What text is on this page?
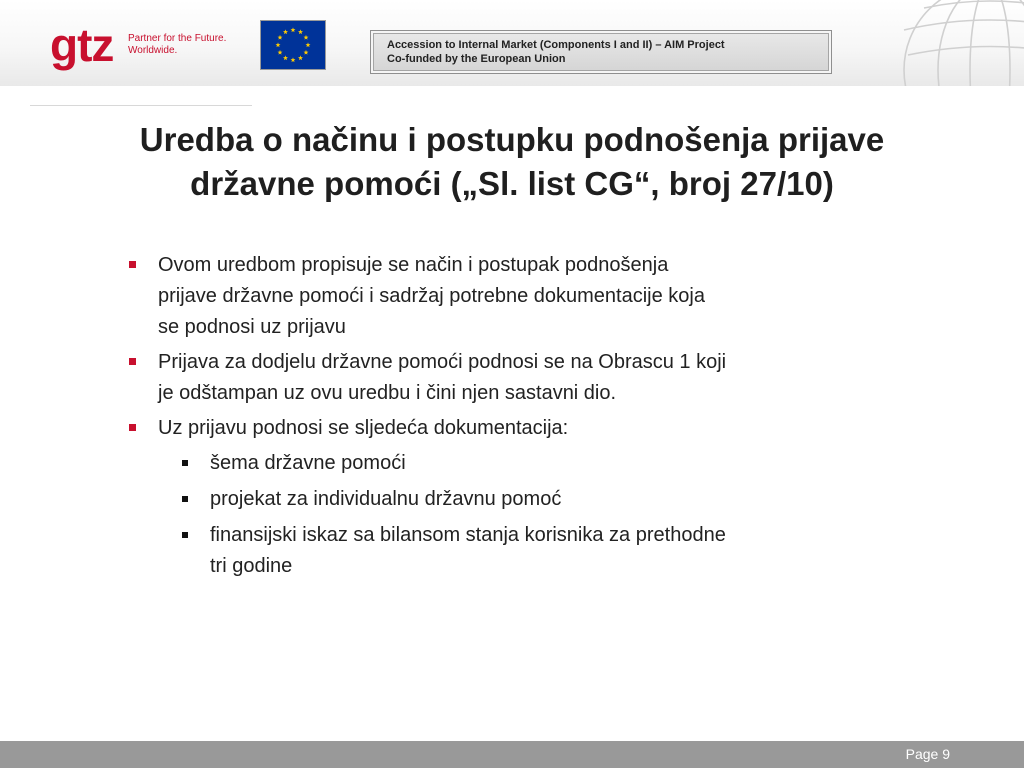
gtz Partner for the Future.
Worldwide.	Accession to Internal Market (Components I and II) – AIM Project
Co-funded by the European Union
Uredba o načinu i postupku podnošenja prijave
državne pomoći („Sl. list CG“, broj 27/10)
Ovom uredbom propisuje se način i postupak podnošenja
prijave državne pomoći i sadržaj potrebne dokumentacije koja
se podnosi uz prijavu
Prijava za dodjelu državne pomoći podnosi se na Obrascu 1 koji
je odštampan uz ovu uredbu i čini njen sastavni dio.
Uz prijavu podnosi se sljedeća dokumentacija:
šema državne pomoći
projekat za individualnu državnu pomoć
finansijski iskaz sa bilansom stanja korisnika za prethodne
tri godine
Page 9
